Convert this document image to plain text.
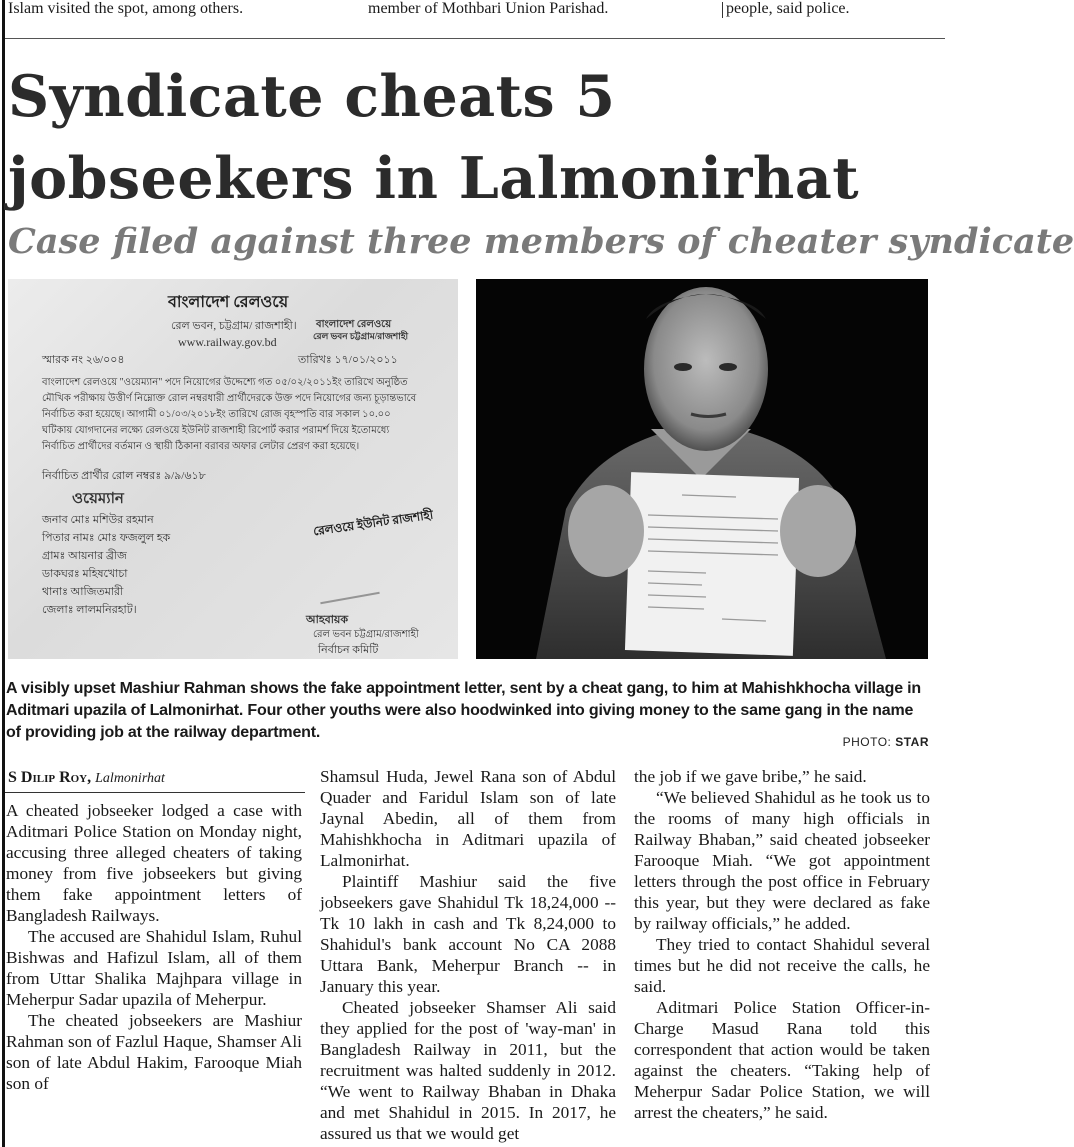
Islam visited the spot, among others.	member of Mothbari Union Parishad.	people, said police.
Syndicate cheats 5 jobseekers in Lalmonirhat
Case filed against three members of cheater syndicate
বাংলাদেশ রেলওয়ে
রেল ভবন, চট্টগ্রাম/ রাজশাহী।
www.railway.gov.bd
বাংলাদেশ রেলওয়ে
রেল ভবন চট্টগ্রাম/রাজশাহী
স্মারক নং ২৬/০০৪	তারিখঃ ১৭/০১/২০১১
বাংলাদেশ রেলওয়ে "ওয়েম্যান" পদে নিয়োগের উদ্দেশ্যে গত ০৫/০২/২০১১ইং তারিখে অনুষ্ঠিত
মৌখিক পরীক্ষায় উত্তীর্ণ নিম্নোক্ত রোল নম্বরধারী প্রার্থীদেরকে উক্ত পদে নিয়োগের জন্য চূড়ান্তভাবে
নির্বাচিত করা হয়েছে। আগামী ০১/০৩/২০১৮ইং তারিখে রোজ বৃহস্পতি বার সকাল ১০.০০
ঘটিকায় যোগদানের লক্ষ্যে রেলওয়ে ইউনিট রাজশাহী রিপোর্ট করার পরামর্শ দিয়ে ইতোমধ্যে
নির্বাচিত প্রার্থীদের বর্তমান ও স্থায়ী ঠিকানা বরাবর অফার লেটার প্রেরণ করা হয়েছে।
নির্বাচিত প্রার্থীর রোল নম্বরঃ ৯/৯/৬১৮
ওয়েম্যান
জনাব মোঃ মশিউর রহমান
পিতার নামঃ মোঃ ফজলুল হক
গ্রামঃ আয়নার ব্রীজ
ডাকঘরঃ মহিষখোচা
থানাঃ আজিতমারী
জেলাঃ লালমনিরহাট।
রেলওয়ে ইউনিট রাজশাহী
আহবায়ক
রেল ভবন চট্টগ্রাম/রাজশাহী
নির্বাচন কমিটি

A visibly upset Mashiur Rahman shows the fake appointment letter, sent by a cheat gang, to him at Mahishkhocha village in Aditmari upazila of Lalmonirhat. Four other youths were also hoodwinked into giving money to the same gang in the name of providing job at the railway department.

PHOTO: STAR
S Dilip Roy, Lalmonirhat

A cheated jobseeker lodged a case with Aditmari Police Station on Monday night, accusing three alleged cheaters of taking money from five jobseekers but giving them fake appointment letters of Bangladesh Railways.

The accused are Shahidul Islam, Ruhul Bishwas and Hafizul Islam, all of them from Uttar Shalika Majhpara village in Meherpur Sadar upazila of Meherpur.

The cheated jobseekers are Mashiur Rahman son of Fazlul Haque, Shamser Ali son of late Abdul Hakim, Farooque Miah son of

Shamsul Huda, Jewel Rana son of Abdul Quader and Faridul Islam son of late Jaynal Abedin, all of them from Mahishkhocha in Aditmari upazila of Lalmonirhat.

Plaintiff Mashiur said the five jobseekers gave Shahidul Tk 18,24,000 --Tk 10 lakh in cash and Tk 8,24,000 to Shahidul's bank account No CA 2088 Uttara Bank, Meherpur Branch -- in January this year.

Cheated jobseeker Shamser Ali said they applied for the post of 'way-man' in Bangladesh Railway in 2011, but the recruitment was halted suddenly in 2012. “We went to Railway Bhaban in Dhaka and met Shahidul in 2015. In 2017, he assured us that we would get

the job if we gave bribe,” he said.

“We believed Shahidul as he took us to the rooms of many high officials in Railway Bhaban,” said cheated jobseeker Farooque Miah. “We got appointment letters through the post office in February this year, but they were declared as fake by railway officials,” he added.

They tried to contact Shahidul several times but he did not receive the calls, he said.

Aditmari Police Station Officer-in-Charge Masud Rana told this correspondent that action would be taken against the cheaters. “Taking help of Meherpur Sadar Police Station, we will arrest the cheaters,” he said.
